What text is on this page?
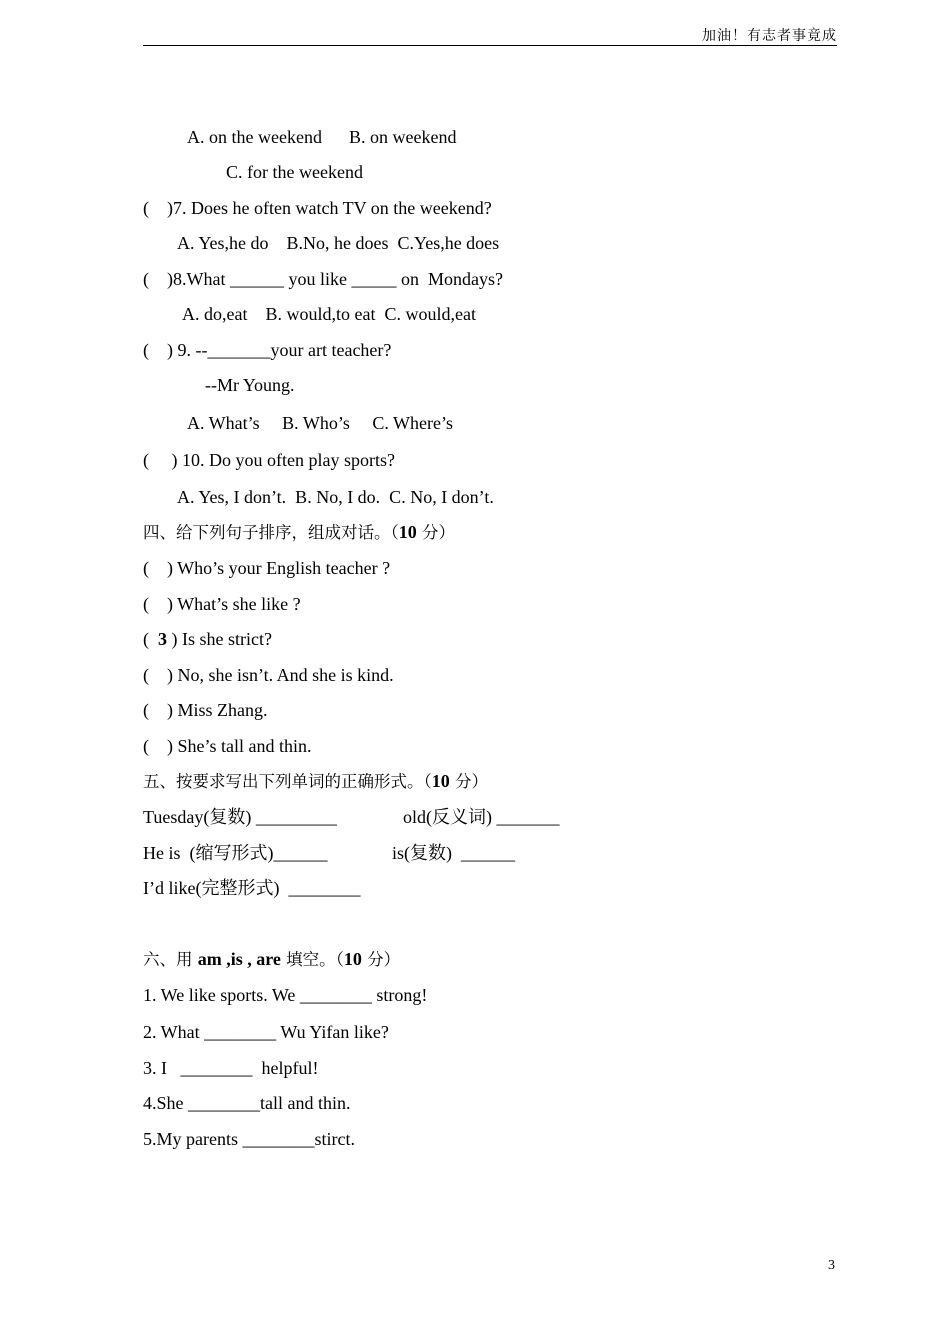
加油！有志者事竟成
A. on the weekend B. on weekend
C. for the weekend
(    )7. Does he often watch TV on the weekend?
A. Yes,he do    B.No, he does  C.Yes,he does
(    )8.What ______ you like _____ on  Mondays?
A. do,eat    B. would,to eat  C. would,eat
(    ) 9. --_______your art teacher?
--Mr Young.
A. What’s     B. Who’s     C. Where’s
(     ) 10. Do you often play sports?
A. Yes, I don’t.  B. No, I do.  C. No, I don’t.
四、给下列句子排序，组成对话。（10 分）
(    ) Who’s your English teacher ?
(    ) What’s she like ?
(  3 ) Is she strict?
(    ) No, she isn’t. And she is kind.
(    ) Miss Zhang.
(    ) She’s tall and thin.
五、按要求写出下列单词的正确形式。（10 分）
Tuesday(复数) _________	old(反义词) _______
He is  (缩写形式)______	is(复数)  ______
I’d like(完整形式)  ________
六、用 am ,is , are 填空。（10 分）
1. We like sports. We ________ strong!
2. What ________ Wu Yifan like?
3. I   ________  helpful!
4.She ________tall and thin.
5.My parents ________stirct.
3
